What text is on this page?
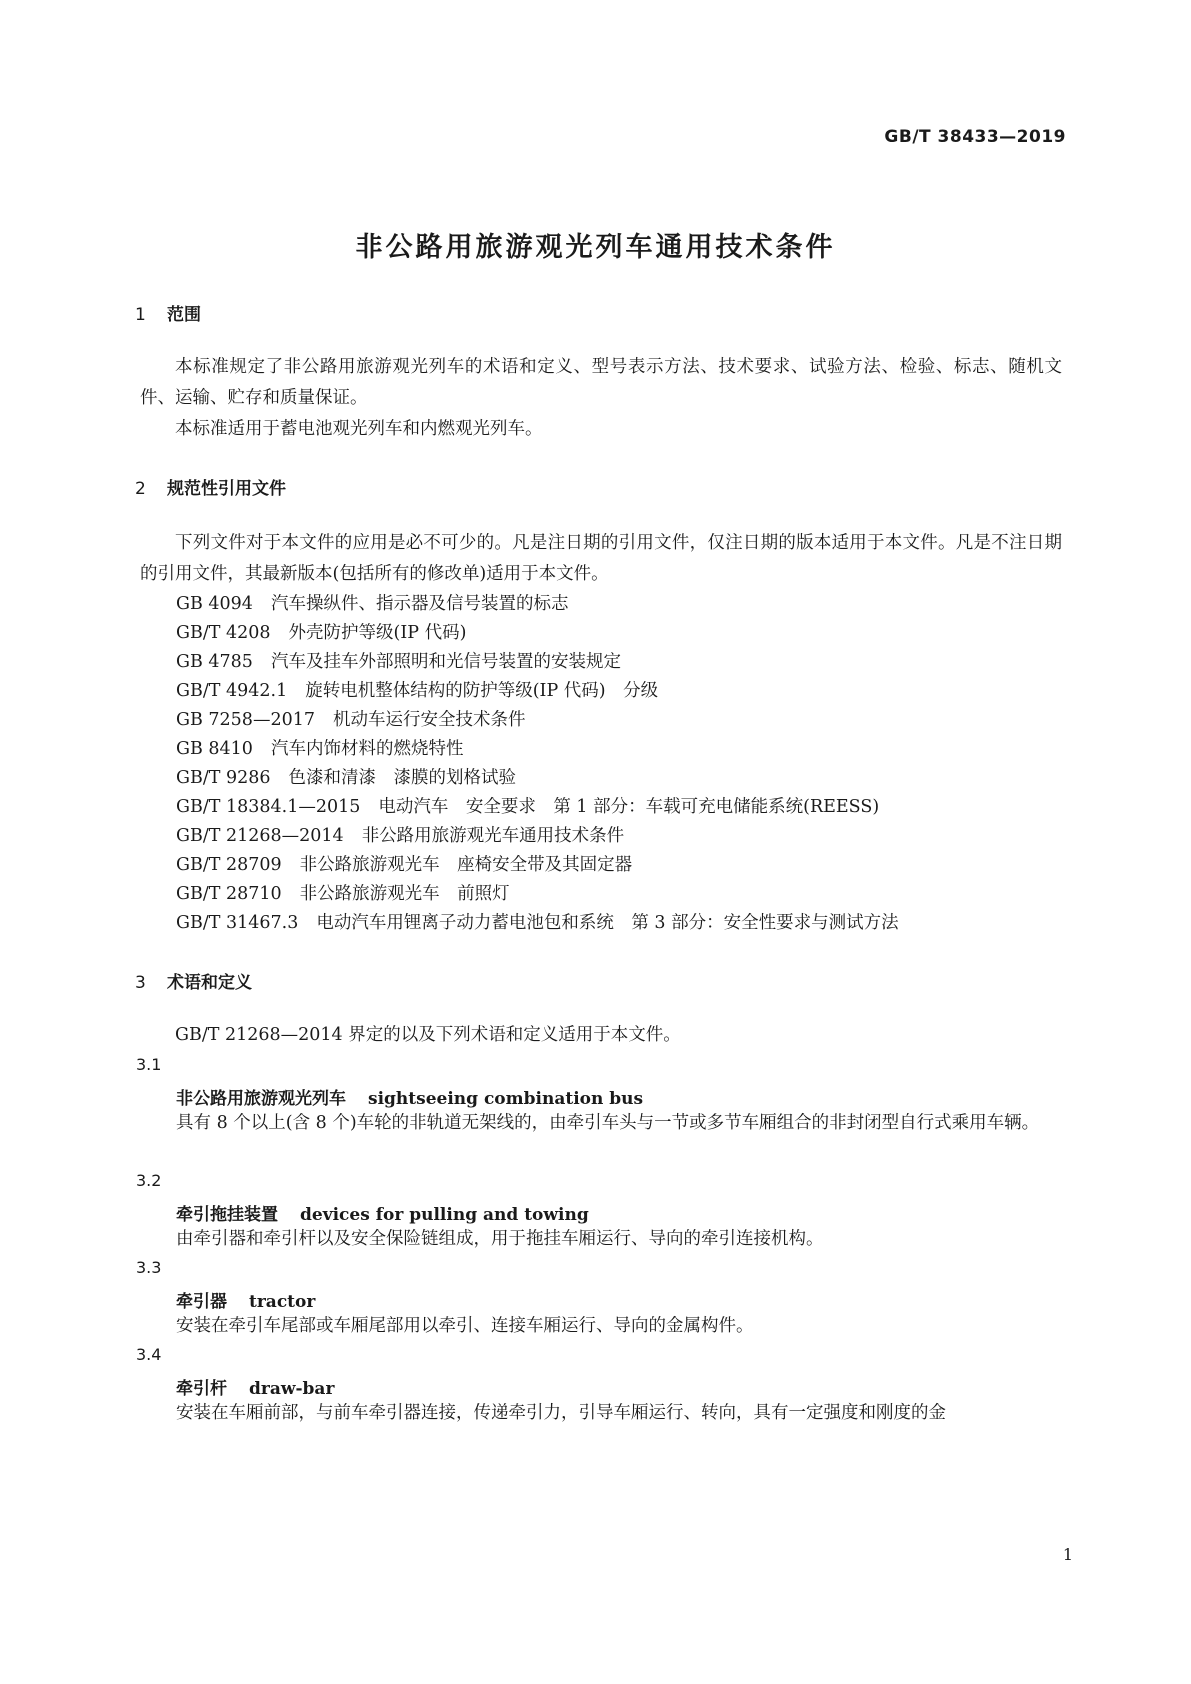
GB/T 38433—2019
非公路用旅游观光列车通用技术条件
1 范围
本标准规定了非公路用旅游观光列车的术语和定义、型号表示方法、技术要求、试验方法、检验、标志、随机文件、运输、贮存和质量保证。
本标准适用于蓄电池观光列车和内燃观光列车。
2 规范性引用文件
下列文件对于本文件的应用是必不可少的。凡是注日期的引用文件，仅注日期的版本适用于本文件。凡是不注日期的引用文件，其最新版本(包括所有的修改单)适用于本文件。
GB 4094 汽车操纵件、指示器及信号装置的标志
GB/T 4208 外壳防护等级(IP 代码)
GB 4785 汽车及挂车外部照明和光信号装置的安装规定
GB/T 4942.1 旋转电机整体结构的防护等级(IP 代码)　分级
GB 7258—2017 机动车运行安全技术条件
GB 8410 汽车内饰材料的燃烧特性
GB/T 9286 色漆和清漆　漆膜的划格试验
GB/T 18384.1—2015 电动汽车　安全要求　第 1 部分：车载可充电储能系统(REESS)
GB/T 21268—2014 非公路用旅游观光车通用技术条件
GB/T 28709 非公路旅游观光车　座椅安全带及其固定器
GB/T 28710 非公路旅游观光车　前照灯
GB/T 31467.3 电动汽车用锂离子动力蓄电池包和系统　第 3 部分：安全性要求与测试方法
3 术语和定义
GB/T 21268—2014 界定的以及下列术语和定义适用于本文件。
3.1
非公路用旅游观光列车 sightseeing combination bus
具有 8 个以上(含 8 个)车轮的非轨道无架线的，由牵引车头与一节或多节车厢组合的非封闭型自行式乘用车辆。
3.2
牵引拖挂装置 devices for pulling and towing
由牵引器和牵引杆以及安全保险链组成，用于拖挂车厢运行、导向的牵引连接机构。
3.3
牵引器 tractor
安装在牵引车尾部或车厢尾部用以牵引、连接车厢运行、导向的金属构件。
3.4
牵引杆 draw-bar
安装在车厢前部，与前车牵引器连接，传递牵引力，引导车厢运行、转向，具有一定强度和刚度的金
1
